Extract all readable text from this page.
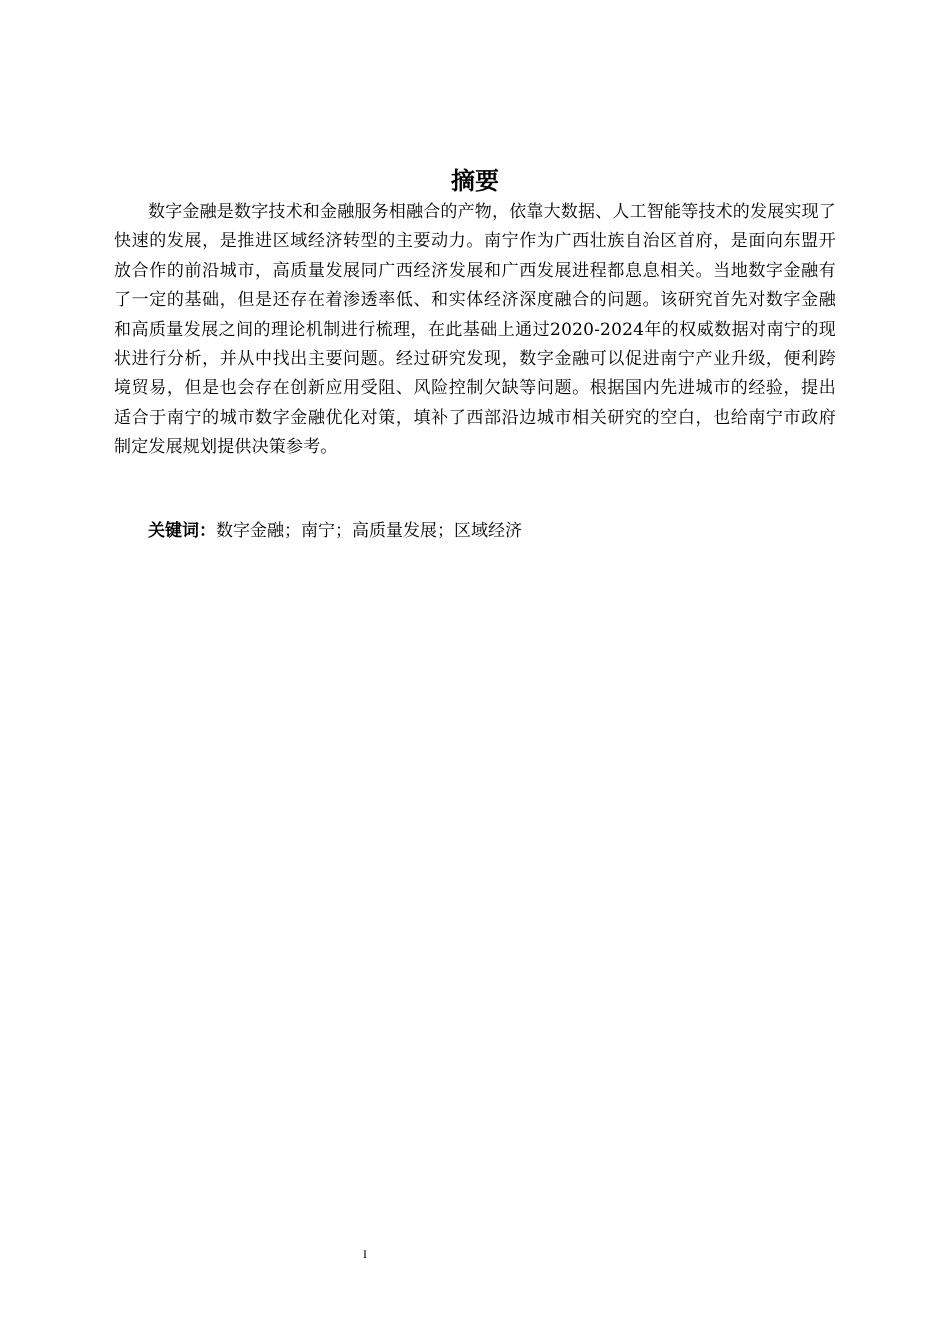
摘要

数字金融是数字技术和金融服务相融合的产物，依靠大数据、人工智能等技术的发展实现了快速的发展，是推进区域经济转型的主要动力。南宁作为广西壮族自治区首府，是面向东盟开放合作的前沿城市，高质量发展同广西经济发展和广西发展进程都息息相关。当地数字金融有了一定的基础，但是还存在着渗透率低、和实体经济深度融合的问题。该研究首先对数字金融和高质量发展之间的理论机制进行梳理，在此基础上通过2020-2024年的权威数据对南宁的现状进行分析，并从中找出主要问题。经过研究发现，数字金融可以促进南宁产业升级，便利跨境贸易，但是也会存在创新应用受阻、风险控制欠缺等问题。根据国内先进城市的经验，提出适合于南宁的城市数字金融优化对策，填补了西部沿边城市相关研究的空白，也给南宁市政府制定发展规划提供决策参考。

关键词：数字金融；南宁；高质量发展；区域经济

I
